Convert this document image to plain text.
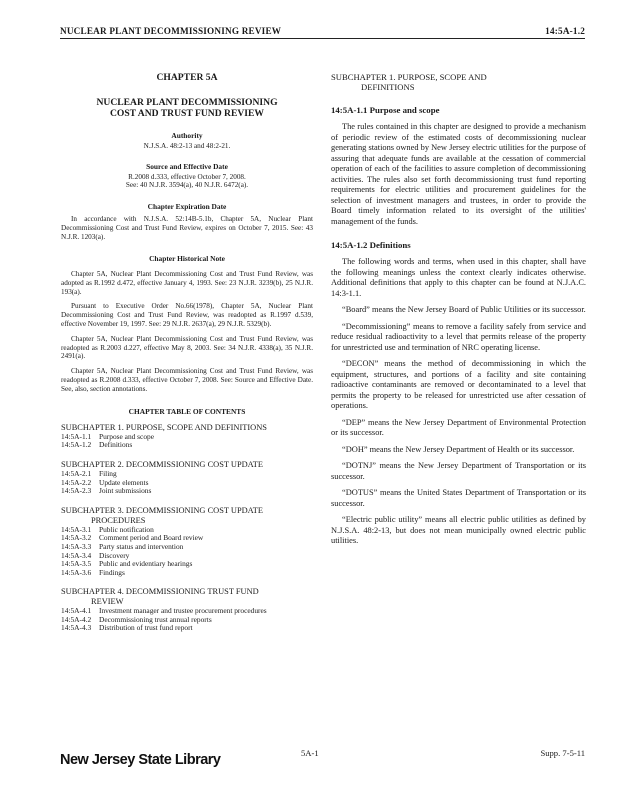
NUCLEAR PLANT DECOMMISSIONING REVIEW	14:5A-1.2
CHAPTER 5A
NUCLEAR PLANT DECOMMISSIONING
COST AND TRUST FUND REVIEW
Authority
N.J.S.A. 48:2-13 and 48:2-21.
Source and Effective Date
R.2008 d.333, effective October 7, 2008.
See: 40 N.J.R. 3594(a), 40 N.J.R. 6472(a).
Chapter Expiration Date
In accordance with N.J.S.A. 52:14B-5.1b, Chapter 5A, Nuclear Plant Decommissioning Cost and Trust Fund Review, expires on October 7, 2015. See: 43 N.J.R. 1203(a).
Chapter Historical Note
Chapter 5A, Nuclear Plant Decommissioning Cost and Trust Fund Review, was adopted as R.1992 d.472, effective January 4, 1993. See: 23 N.J.R. 3239(b), 25 N.J.R. 193(a).
Pursuant to Executive Order No.66(1978), Chapter 5A, Nuclear Plant Decommissioning Cost and Trust Fund Review, was readopted as R.1997 d.539, effective November 19, 1997. See: 29 N.J.R. 2637(a), 29 N.J.R. 5329(b).
Chapter 5A, Nuclear Plant Decommissioning Cost and Trust Fund Review, was readopted as R.2003 d.227, effective May 8, 2003. See: 34 N.J.R. 4338(a), 35 N.J.R. 2491(a).
Chapter 5A, Nuclear Plant Decommissioning Cost and Trust Fund Review, was readopted as R.2008 d.333, effective October 7, 2008. See: Source and Effective Date. See, also, section annotations.
CHAPTER TABLE OF CONTENTS
SUBCHAPTER 1. PURPOSE, SCOPE AND DEFINITIONS
14:5A-1.1	Purpose and scope
14:5A-1.2	Definitions
SUBCHAPTER 2. DECOMMISSIONING COST UPDATE
14:5A-2.1	Filing
14:5A-2.2	Update elements
14:5A-2.3	Joint submissions
SUBCHAPTER 3. DECOMMISSIONING COST UPDATE
PROCEDURES
14:5A-3.1	Public notification
14:5A-3.2	Comment period and Board review
14:5A-3.3	Party status and intervention
14:5A-3.4	Discovery
14:5A-3.5	Public and evidentiary hearings
14:5A-3.6	Findings
SUBCHAPTER 4. DECOMMISSIONING TRUST FUND
REVIEW
14:5A-4.1	Investment manager and trustee procurement procedures
14:5A-4.2	Decommissioning trust annual reports
14:5A-4.3	Distribution of trust fund report
SUBCHAPTER 1. PURPOSE, SCOPE AND
DEFINITIONS
14:5A-1.1 Purpose and scope
The rules contained in this chapter are designed to provide a mechanism of periodic review of the estimated costs of decommissioning nuclear generating stations owned by New Jersey electric utilities for the purpose of assuring that adequate funds are available at the cessation of commercial operation of each of the facilities to assure completion of decommissioning activities. The rules also set forth decommissioning trust fund reporting requirements for electric utilities and procurement guidelines for the selection of investment managers and trustees, in order to provide the Board timely information related to its oversight of the utilities' management of the funds.
14:5A-1.2 Definitions
The following words and terms, when used in this chapter, shall have the following meanings unless the context clearly indicates otherwise. Additional definitions that apply to this chapter can be found at N.J.A.C. 14:3-1.1.
“Board” means the New Jersey Board of Public Utilities or its successor.
“Decommissioning” means to remove a facility safely from service and reduce residual radioactivity to a level that permits release of the property for unrestricted use and termination of NRC operating license.
“DECON” means the method of decommissioning in which the equipment, structures, and portions of a facility and site containing radioactive contaminants are removed or decontaminated to a level that permits the property to be released for unrestricted use after cessation of operations.
“DEP” means the New Jersey Department of Environmental Protection or its successor.
“DOH” means the New Jersey Department of Health or its successor.
“DOTNJ” means the New Jersey Department of Transportation or its successor.
“DOTUS” means the United States Department of Transportation or its successor.
“Electric public utility” means all electric public utilities as defined by N.J.S.A. 48:2-13, but does not mean municipally owned electric public utilities.
New Jersey State Library	5A-1	Supp. 7-5-11
